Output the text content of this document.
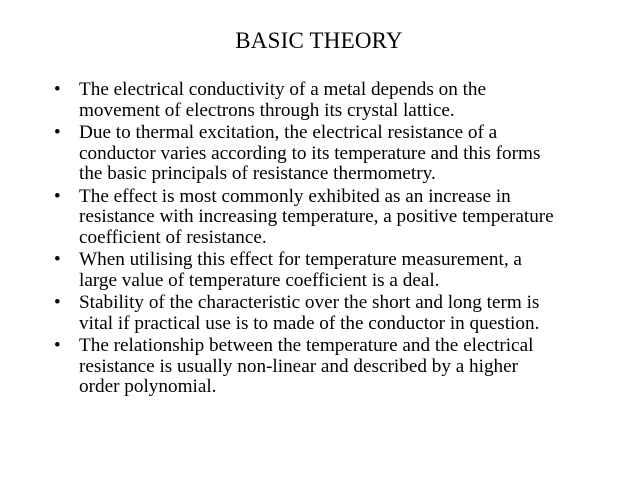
BASIC THEORY
• The electrical conductivity of a metal depends on the
movement of electrons through its crystal lattice.
• Due to thermal excitation, the electrical resistance of a
conductor varies according to its temperature and this forms
the basic principals of resistance thermometry.
• The effect is most commonly exhibited as an increase in
resistance with increasing temperature, a positive temperature
coefficient of resistance.
• When utilising this effect for temperature measurement, a
large value of temperature coefficient is a deal.
• Stability of the characteristic over the short and long term is
vital if practical use is to made of the conductor in question.
• The relationship between the temperature and the electrical
resistance is usually non-linear and described by a higher
order polynomial.
